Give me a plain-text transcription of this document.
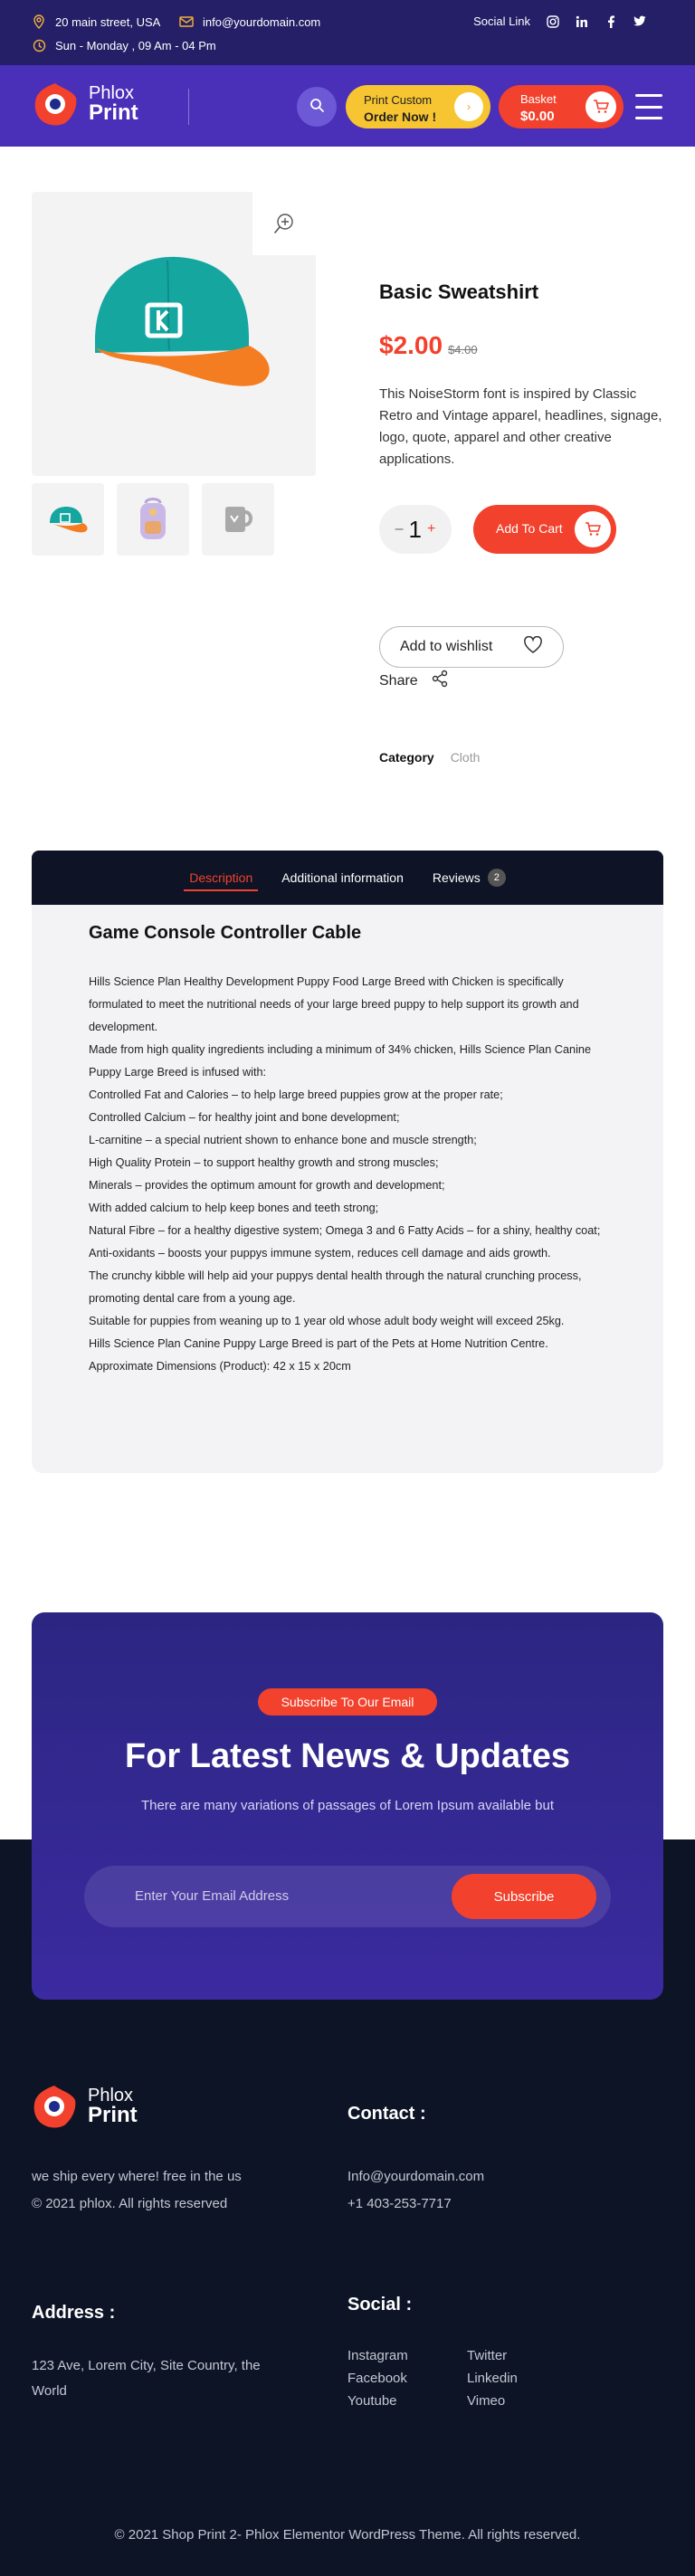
20 main street, USA	info@yourdomain.com
Sun - Monday , 09 Am - 04 Pm
Social Link
Phlox
Print
Print Custom
Order Now !
›
Basket
$0.00
Basic Sweatshirt
$2.00 $4.00
This NoiseStorm font is inspired by Classic Retro and Vintage apparel, headlines, signage, logo, quote, apparel and other creative applications.
– 1 +	Add To Cart
Add to wishlist
Share
Category Cloth
Description Additional information Reviews	2
Game Console Controller Cable

Hills Science Plan Healthy Development Puppy Food Large Breed with Chicken is specifically formulated to meet the nutritional needs of your large breed puppy to help support its growth and development.

Made from high quality ingredients including a minimum of 34% chicken, Hills Science Plan Canine Puppy Large Breed is infused with:

Controlled Fat and Calories – to help large breed puppies grow at the proper rate;

Controlled Calcium – for healthy joint and bone development;

L-carnitine – a special nutrient shown to enhance bone and muscle strength;

High Quality Protein – to support healthy growth and strong muscles;

Minerals – provides the optimum amount for growth and development;

With added calcium to help keep bones and teeth strong;

Natural Fibre – for a healthy digestive system; Omega 3 and 6 Fatty Acids – for a shiny, healthy coat;

Anti-oxidants – boosts your puppys immune system, reduces cell damage and aids growth.

The crunchy kibble will help aid your puppys dental health through the natural crunching process, promoting dental care from a young age.

Suitable for puppies from weaning up to 1 year old whose adult body weight will exceed 25kg.

Hills Science Plan Canine Puppy Large Breed is part of the Pets at Home Nutrition Centre.

Approximate Dimensions (Product): 42 x 15 x 20cm

Phlox
Print
we ship every where! free in the us
© 2021 phlox. All rights reserved
Contact :
Info@yourdomain.com
+1 403-253-7717
Address :
123 Ave, Lorem City, Site Country, the World
Social :
Instagram	Twitter
Facebook	Linkedin
Youtube	Vimeo
© 2021 Shop Print 2- Phlox Elementor WordPress Theme. All rights reserved.
Subscribe To Our Email
For Latest News & Updates
There are many variations of passages of Lorem Ipsum available but
Enter Your Email Address	Subscribe
